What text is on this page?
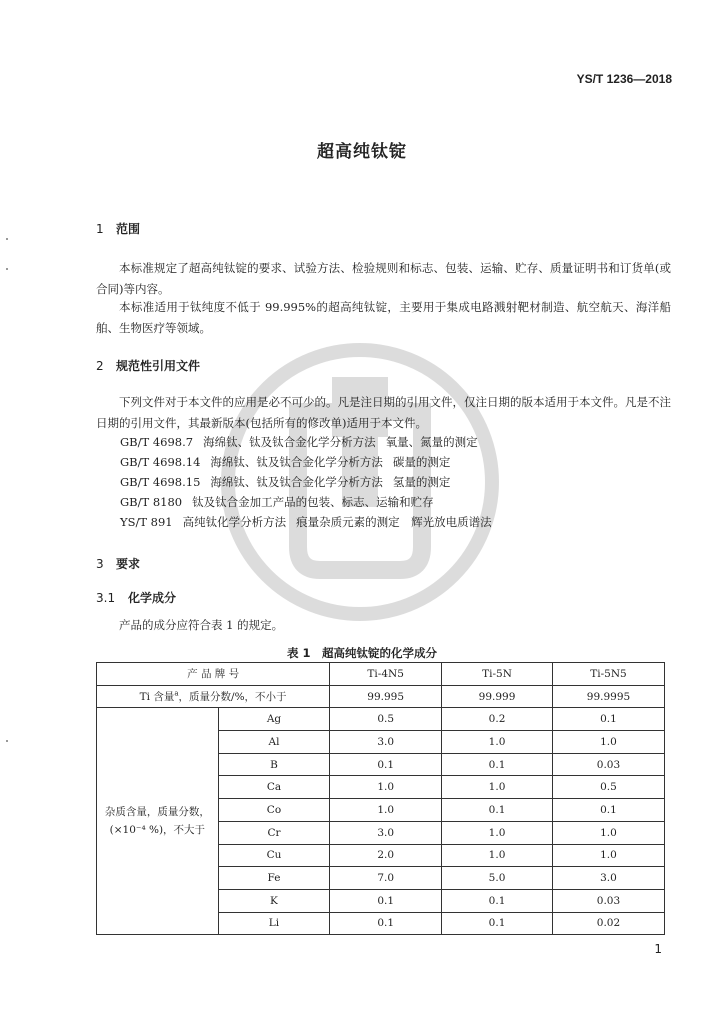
YS/T 1236—2018
超高纯钛锭
1 范围
本标准规定了超高纯钛锭的要求、试验方法、检验规则和标志、包装、运输、贮存、质量证明书和订货单(或合同)等内容。
本标准适用于钛纯度不低于 99.995%的超高纯钛锭，主要用于集成电路溅射靶材制造、航空航天、海洋船舶、生物医疗等领域。
2 规范性引用文件
下列文件对于本文件的应用是必不可少的。凡是注日期的引用文件，仅注日期的版本适用于本文件。凡是不注日期的引用文件，其最新版本(包括所有的修改单)适用于本文件。
GB/T 4698.7 海绵钛、钛及钛合金化学分析方法 氧量、氮量的测定
GB/T 4698.14 海绵钛、钛及钛合金化学分析方法 碳量的测定
GB/T 4698.15 海绵钛、钛及钛合金化学分析方法 氢量的测定
GB/T 8180 钛及钛合金加工产品的包装、标志、运输和贮存
YS/T 891 高纯钛化学分析方法 痕量杂质元素的测定　辉光放电质谱法
3 要求
3.1 化学成分
产品的成分应符合表 1 的规定。
表 1　超高纯钛锭的化学成分
产 品 牌 号		Ti-4N5	Ti-5N	Ti-5N5
Ti 含量$^a$，质量分数/%，不小于		99.995	99.999	99.9995
杂质含量，质量分数，
(×10⁻⁴ %)，不大于	Ag	0.5	0.2	0.1
	Al	3.0	1.0	1.0
	B	0.1	0.1	0.03
	Ca	1.0	1.0	0.5
	Co	1.0	0.1	0.1
	Cr	3.0	1.0	1.0
	Cu	2.0	1.0	1.0
	Fe	7.0	5.0	3.0
	K	0.1	0.1	0.03
	Li	0.1	0.1	0.02
1
